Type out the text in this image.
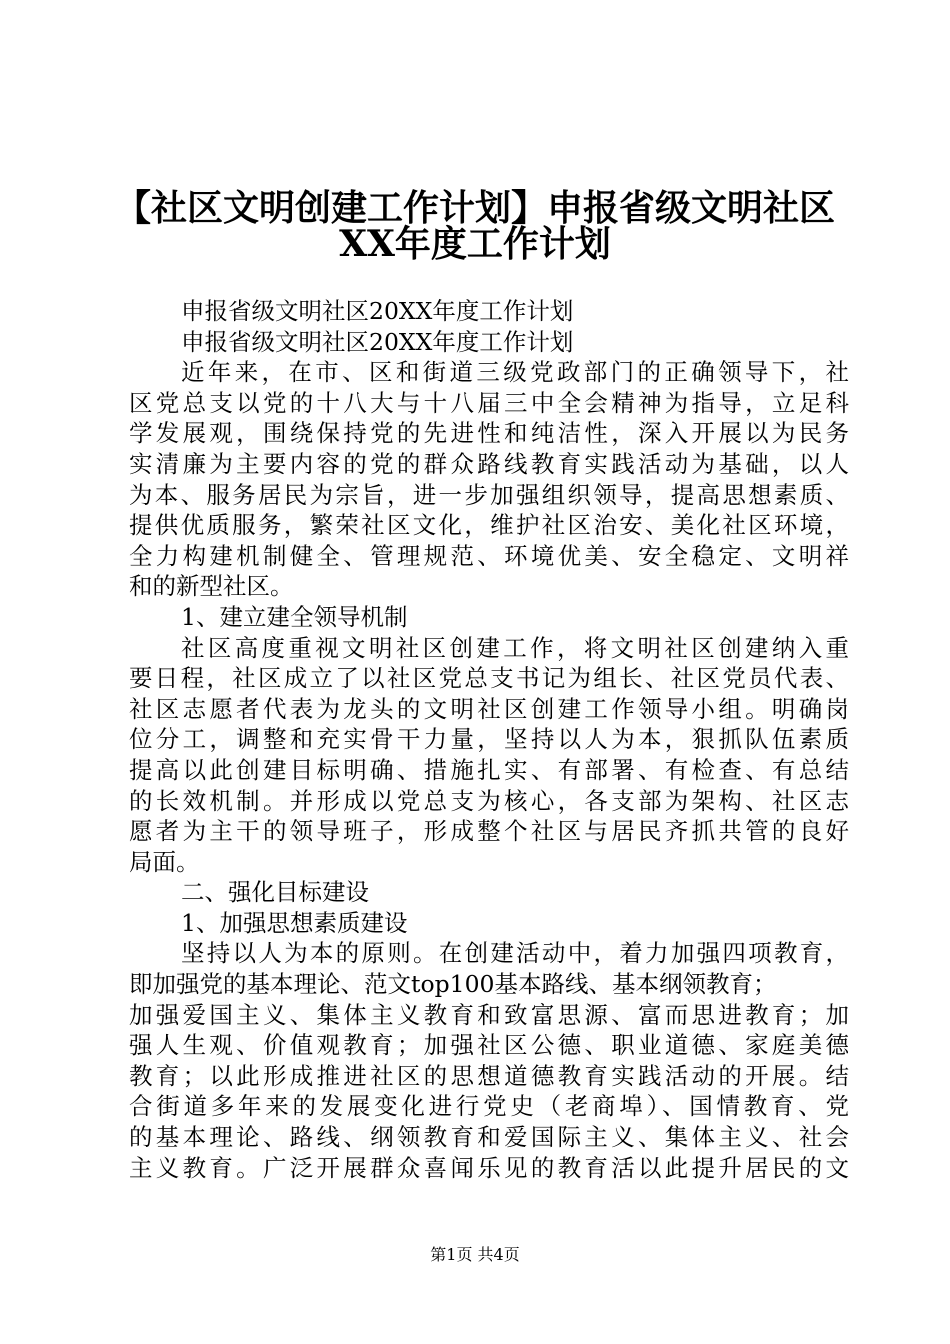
【社区文明创建工作计划】申报省级文明社区
XX年度工作计划
申报省级文明社区20XX年度工作计划
申报省级文明社区20XX年度工作计划
近年来，在市、区和街道三级党政部门的正确领导下，社
区党总支以党的十八大与十八届三中全会精神为指导，立足科
学发展观，围绕保持党的先进性和纯洁性，深入开展以为民务
实清廉为主要内容的党的群众路线教育实践活动为基础，以人
为本、服务居民为宗旨，进一步加强组织领导，提高思想素质、
提供优质服务，繁荣社区文化，维护社区治安、美化社区环境，
全力构建机制健全、管理规范、环境优美、安全稳定、文明祥
和的新型社区。
1、建立建全领导机制
社区高度重视文明社区创建工作，将文明社区创建纳入重
要日程，社区成立了以社区党总支书记为组长、社区党员代表、
社区志愿者代表为龙头的文明社区创建工作领导小组。明确岗
位分工，调整和充实骨干力量，坚持以人为本，狠抓队伍素质
提高以此创建目标明确、措施扎实、有部署、有检查、有总结
的长效机制。并形成以党总支为核心，各支部为架构、社区志
愿者为主干的领导班子，形成整个社区与居民齐抓共管的良好
局面。
二、强化目标建设
1、加强思想素质建设
坚持以人为本的原则。在创建活动中，着力加强四项教育，
即加强党的基本理论、范文top100基本路线、基本纲领教育；
加强爱国主义、集体主义教育和致富思源、富而思进教育；加
强人生观、价值观教育；加强社区公德、职业道德、家庭美德
教育；以此形成推进社区的思想道德教育实践活动的开展。结
合街道多年来的发展变化进行党史（老商埠）、国情教育、党
的基本理论、路线、纲领教育和爱国际主义、集体主义、社会
主义教育。广泛开展群众喜闻乐见的教育活以此提升居民的文
第1页 共4页
